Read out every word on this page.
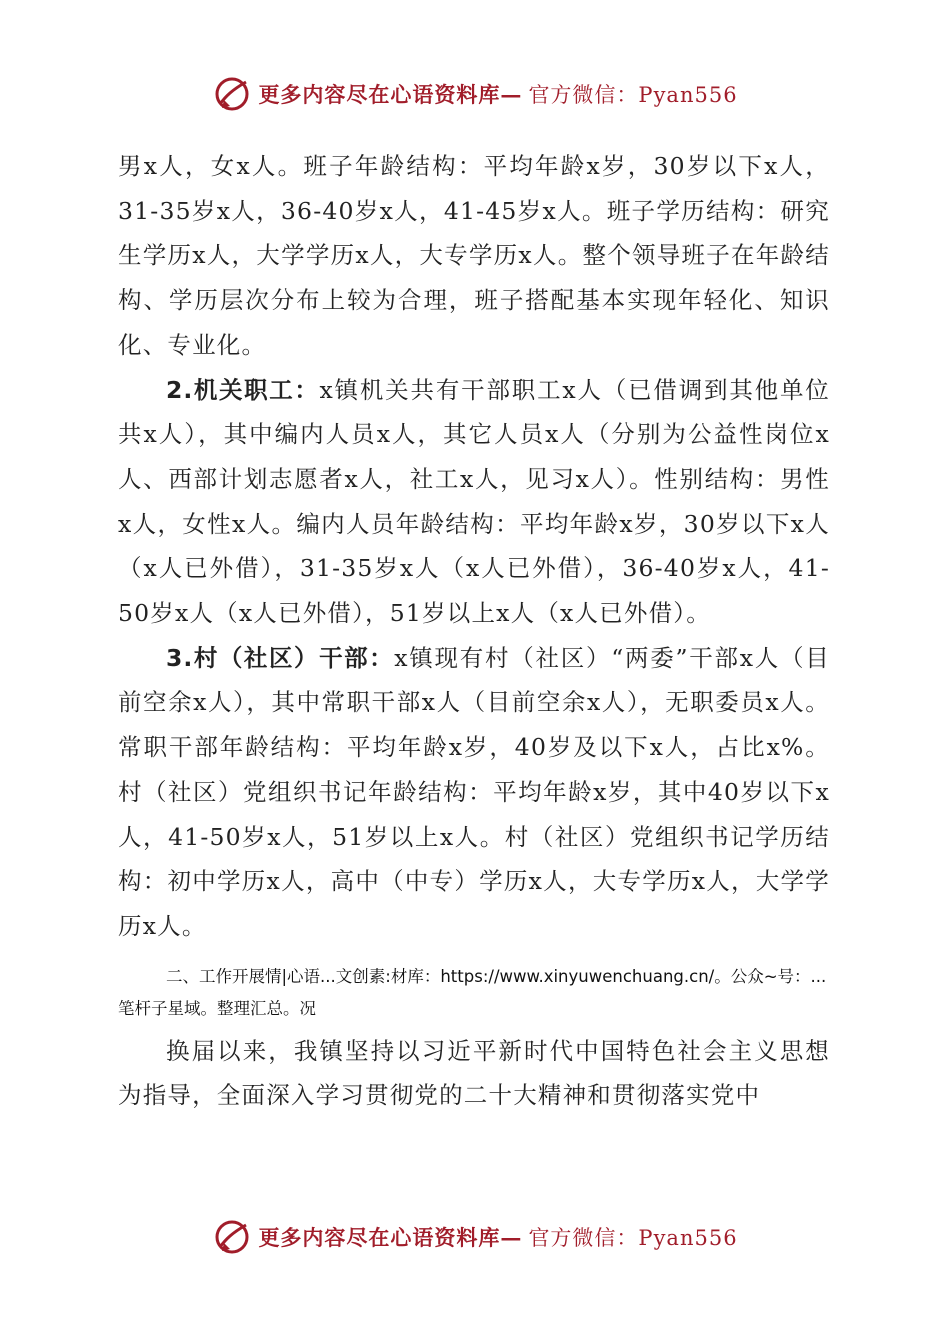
更多内容尽在心语资料库— 官方微信：Pyan556

男x人，女x人。班子年龄结构：平均年龄x岁，30岁以下x人，31-35岁x人，36-40岁x人，41-45岁x人。班子学历结构：研究生学历x人，大学学历x人，大专学历x人。整个领导班子在年龄结构、学历层次分布上较为合理，班子搭配基本实现年轻化、知识化、专业化。

2.机关职工：x镇机关共有干部职工x人（已借调到其他单位共x人），其中编内人员x人，其它人员x人（分别为公益性岗位x人、西部计划志愿者x人，社工x人，见习x人）。性别结构：男性x人，女性x人。编内人员年龄结构：平均年龄x岁，30岁以下x人（x人已外借），31-35岁x人（x人已外借），36-40岁x人，41-50岁x人（x人已外借），51岁以上x人（x人已外借）。

3.村（社区）干部：x镇现有村（社区）“两委”干部x人（目前空余x人），其中常职干部x人（目前空余x人），无职委员x人。常职干部年龄结构：平均年龄x岁，40岁及以下x人，占比x%。村（社区）党组织书记年龄结构：平均年龄x岁，其中40岁以下x人，41-50岁x人，51岁以上x人。村（社区）党组织书记学历结构：初中学历x人，高中（中专）学历x人，大专学历x人，大学学历x人。

二、工作开展情|心语...文创素:材库：https://www.xinyuwenchuang.cn/。公众~号：...笔杆子星域。整理汇总。况

换届以来，我镇坚持以习近平新时代中国特色社会主义思想为指导，全面深入学习贯彻党的二十大精神和贯彻落实党中

更多内容尽在心语资料库— 官方微信：Pyan556
